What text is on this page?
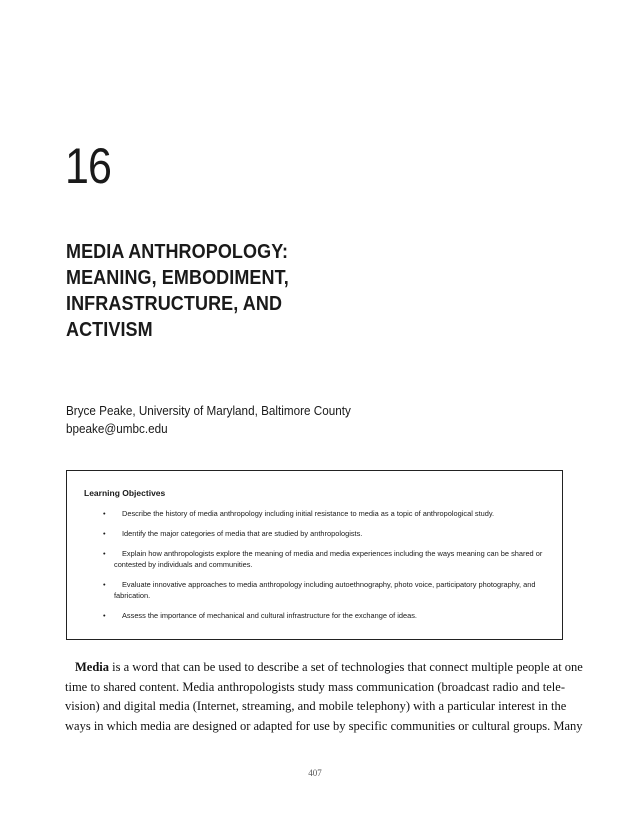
16
MEDIA ANTHROPOLOGY:
MEANING, EMBODIMENT,
INFRASTRUCTURE, AND
ACTIVISM
Bryce Peake, University of Maryland, Baltimore County
bpeake@umbc.edu

Learning Objectives

•	Describe the history of media anthropology including initial resistance to media as a topic of anthropological study.
•	Identify the major categories of media that are studied by anthropologists.
•	Explain how anthropologists explore the meaning of media and media experiences including the ways meaning can be shared or contested by individuals and communities.
•	Evaluate innovative approaches to media anthropology including autoethnography, photo voice, participatory photography, and fabrication.
•	Assess the importance of mechanical and cultural infrastructure for the exchange of ideas.
Media is a word that can be used to describe a set of technologies that connect multiple people at one
time to shared content. Media anthropologists study mass communication (broadcast radio and tele-
vision) and digital media (Internet, streaming, and mobile telephony) with a particular interest in the
ways in which media are designed or adapted for use by specific communities or cultural groups. Many

407
